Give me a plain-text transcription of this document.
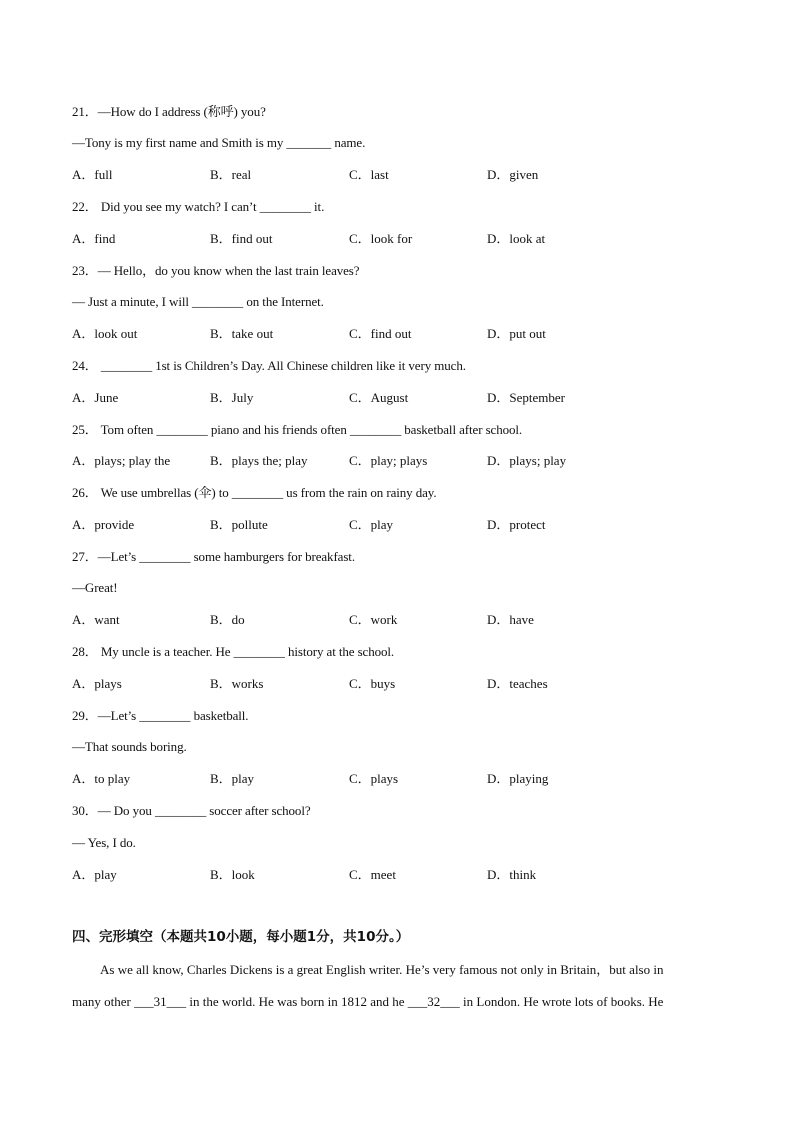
21．—How do I address (称呼) you?
—Tony is my first name and Smith is my _______ name.
A．full	B．real	C．last	D．given
22． Did you see my watch? I can’t ________ it.
A．find	B．find out	C．look for	D．look at
23．— Hello，do you know when the last train leaves?
— Just a minute, I will ________ on the Internet.
A．look out	B．take out	C．find out	D．put out
24． ________ 1st is Children’s Day. All Chinese children like it very much.
A．June	B．July	C．August	D．September
25． Tom often ________ piano and his friends often ________ basketball after school.
A．plays; play the	B．plays the; play	C．play; plays	D．plays; play
26． We use umbrellas (伞) to ________ us from the rain on rainy day.
A．provide	B．pollute	C．play	D．protect
27．—Let’s ________ some hamburgers for breakfast.
—Great!
A．want	B．do	C．work	D．have
28． My uncle is a teacher. He ________ history at the school.
A．plays	B．works	C．buys	D．teaches
29．—Let’s ________ basketball.
—That sounds boring.
A．to play	B．play	C．plays	D．playing
30．— Do you ________ soccer after school?
— Yes, I do.
A．play	B．look	C．meet	D．think
四、完形填空（本题共10小题，每小题1分，共10分。）
As we all know, Charles Dickens is a great English writer. He’s very famous not only in Britain，but also in
many other ___31___ in the world. He was born in 1812 and he ___32___ in London. He wrote lots of books. He
